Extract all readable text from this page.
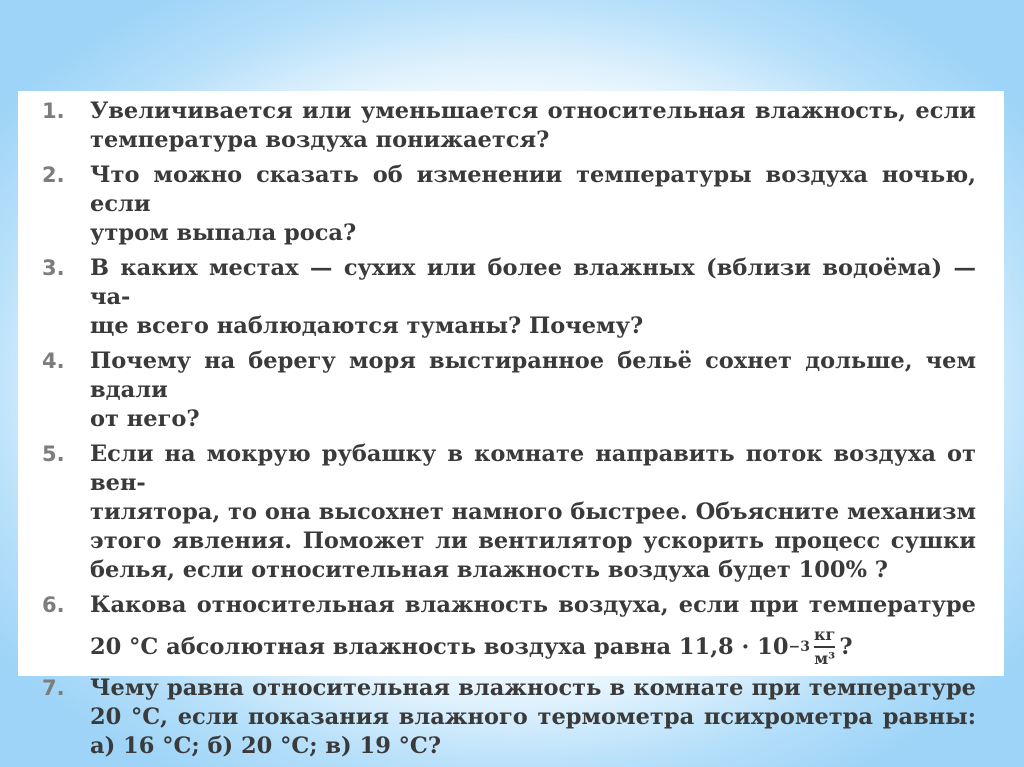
1.	Увеличивается или уменьшается относительная влажность, если
температура воздуха понижается?
2.	Что можно сказать об изменении температуры воздуха ночью, если
утром выпала роса?
3.	В каких местах — сухих или более влажных (вблизи водоёма) — ча-
ще всего наблюдаются туманы? Почему?
4.	Почему на берегу моря выстиранное бельё сохнет дольше, чем вдали
от него?
5.	Если на мокрую рубашку в комнате направить поток воздуха от вен-
тилятора, то она высохнет намного быстрее. Объясните механизм
этого явления. Поможет ли вентилятор ускорить процесс сушки
белья, если относительная влажность воздуха будет 100% ?
6.	Какова относительная влажность воздуха, если при температуре
20 °С абсолютная влажность воздуха равна $11,8 \cdot 10 -3 \frac{кг}{\text{м³}}$ ?
7.	Чему равна относительная влажность в комнате при температуре
20 °С, если показания влажного термометра психрометра равны:
а) 16 °С; б) 20 °С; в) 19 °С?
